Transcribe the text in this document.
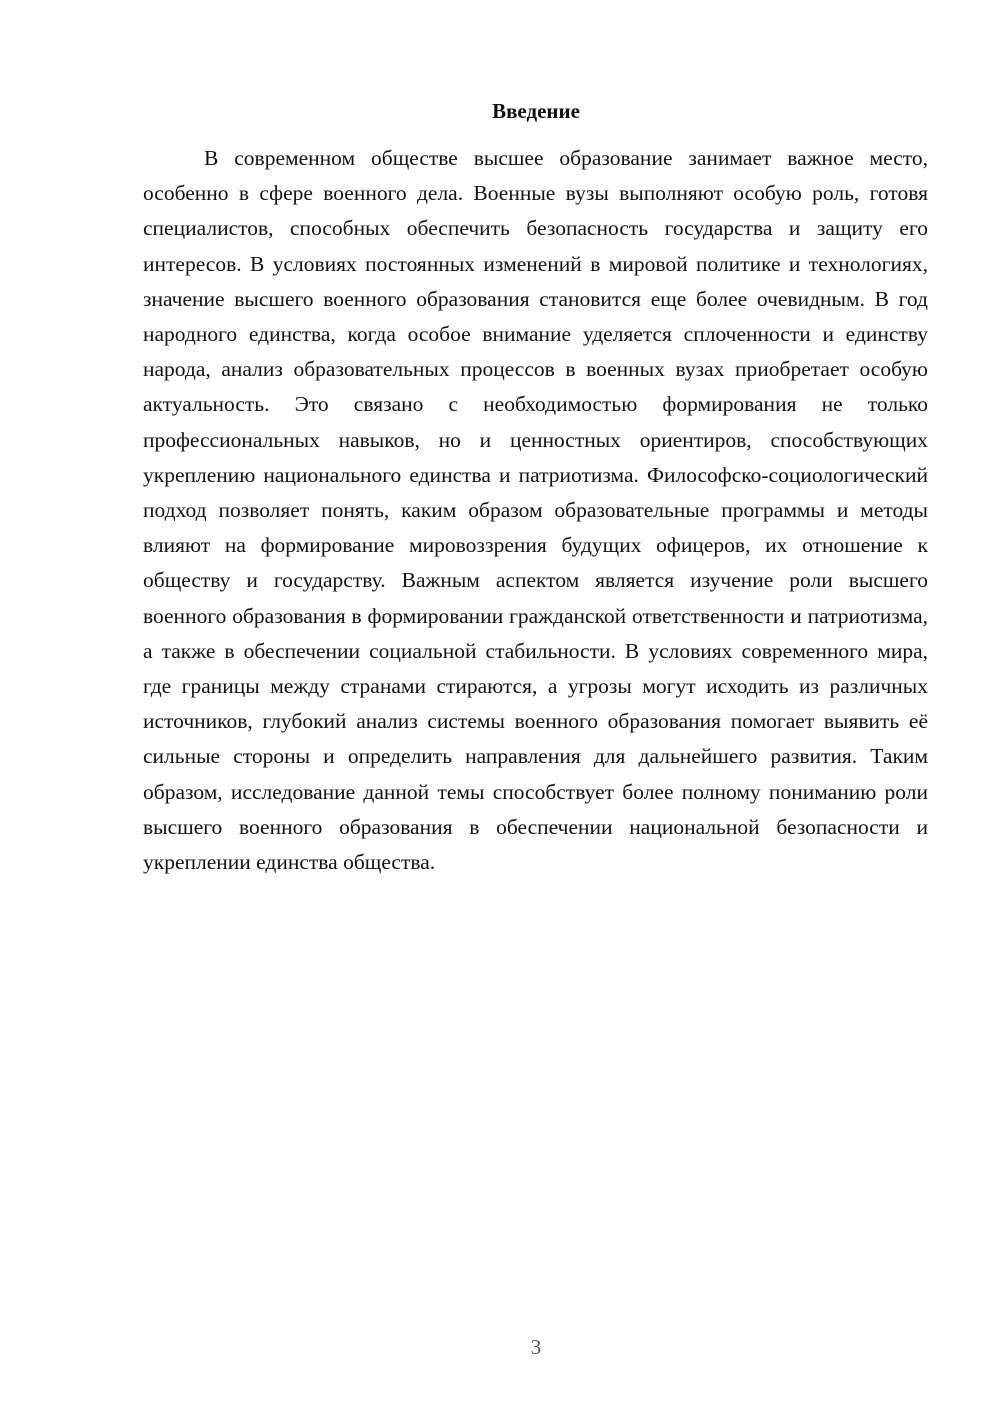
Введение

В современном обществе высшее образование занимает важное место, особенно в сфере военного дела. Военные вузы выполняют особую роль, готовя специалистов, способных обеспечить безопасность государства и защиту его интересов. В условиях постоянных изменений в мировой политике и технологиях, значение высшего военного образования становится еще более очевидным. В год народного единства, когда особое внимание уделяется сплоченности и единству народа, анализ образовательных процессов в военных вузах приобретает особую актуальность. Это связано с необходимостью формирования не только профессиональных навыков, но и ценностных ориентиров, способствующих укреплению национального единства и патриотизма. Философско-социологический подход позволяет понять, каким образом образовательные программы и методы влияют на формирование мировоззрения будущих офицеров, их отношение к обществу и государству. Важным аспектом является изучение роли высшего военного образования в формировании гражданской ответственности и патриотизма, а также в обеспечении социальной стабильности. В условиях современного мира, где границы между странами стираются, а угрозы могут исходить из различных источников, глубокий анализ системы военного образования помогает выявить её сильные стороны и определить направления для дальнейшего развития. Таким образом, исследование данной темы способствует более полному пониманию роли высшего военного образования в обеспечении национальной безопасности и укреплении единства общества.

3
